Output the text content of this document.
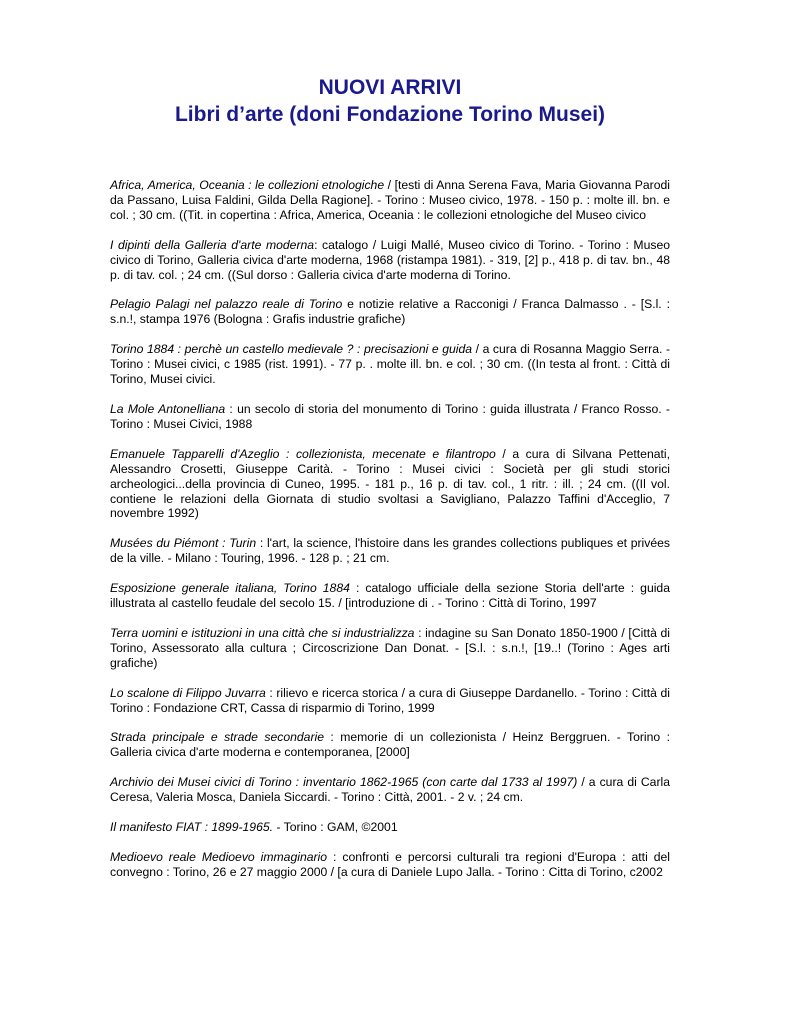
NUOVI ARRIVI

Libri d’arte (doni Fondazione Torino Musei)

Africa, America, Oceania : le collezioni etnologiche / [testi di Anna Serena Fava, Maria Giovanna Parodi da Passano, Luisa Faldini, Gilda Della Ragione]. - Torino : Museo civico, 1978. - 150 p. : molte ill. bn. e col. ; 30 cm. ((Tit. in copertina : Africa, America, Oceania : le collezioni etnologiche del Museo civico

I dipinti della Galleria d'arte moderna: catalogo / Luigi Mallé, Museo civico di Torino. - Torino : Museo civico di Torino, Galleria civica d'arte moderna, 1968 (ristampa 1981). - 319, [2] p., 418 p. di tav. bn., 48 p. di tav. col. ; 24 cm. ((Sul dorso : Galleria civica d'arte moderna di Torino.

Pelagio Palagi nel palazzo reale di Torino e notizie relative a Racconigi / Franca Dalmasso . - [S.l. : s.n.!, stampa 1976 (Bologna : Grafis industrie grafiche)

Torino 1884 : perchè un castello medievale ? : precisazioni e guida / a cura di Rosanna Maggio Serra. - Torino : Musei civici, c 1985 (rist. 1991). - 77 p. . molte ill. bn. e col. ; 30 cm. ((In testa al front. : Città di Torino, Musei civici.

La Mole Antonelliana : un secolo di storia del monumento di Torino : guida illustrata / Franco Rosso. - Torino : Musei Civici, 1988

Emanuele Tapparelli d'Azeglio : collezionista, mecenate e filantropo / a cura di Silvana Pettenati, Alessandro Crosetti, Giuseppe Carità. - Torino : Musei civici : Società per gli studi storici archeologici...della provincia di Cuneo, 1995. - 181 p., 16 p. di tav. col., 1 ritr. : ill. ; 24 cm. ((Il vol. contiene le relazioni della Giornata di studio svoltasi a Savigliano, Palazzo Taffini d'Acceglio, 7 novembre 1992)

Musées du Piémont : Turin : l'art, la science, l'histoire dans les grandes collections publiques et privées de la ville. - Milano : Touring, 1996. - 128 p. ; 21 cm.

Esposizione generale italiana, Torino 1884 : catalogo ufficiale della sezione Storia dell'arte : guida illustrata al castello feudale del secolo 15. / [introduzione di . - Torino : Città di Torino, 1997

Terra uomini e istituzioni in una città che si industrializza : indagine su San Donato 1850-1900 / [Città di Torino, Assessorato alla cultura ; Circoscrizione Dan Donat. - [S.l. : s.n.!, [19..! (Torino : Ages arti grafiche)

Lo scalone di Filippo Juvarra : rilievo e ricerca storica / a cura di Giuseppe Dardanello. - Torino : Città di Torino : Fondazione CRT, Cassa di risparmio di Torino, 1999

Strada principale e strade secondarie : memorie di un collezionista / Heinz Berggruen. - Torino : Galleria civica d'arte moderna e contemporanea, [2000]

Archivio dei Musei civici di Torino : inventario 1862-1965 (con carte dal 1733 al 1997) / a cura di Carla Ceresa, Valeria Mosca, Daniela Siccardi. - Torino : Città, 2001. - 2 v. ; 24 cm.

Il manifesto FIAT : 1899-1965. - Torino : GAM, ©2001

Medioevo reale Medioevo immaginario : confronti e percorsi culturali tra regioni d'Europa : atti del convegno : Torino, 26 e 27 maggio 2000 / [a cura di Daniele Lupo Jalla. - Torino : Citta di Torino, c2002
